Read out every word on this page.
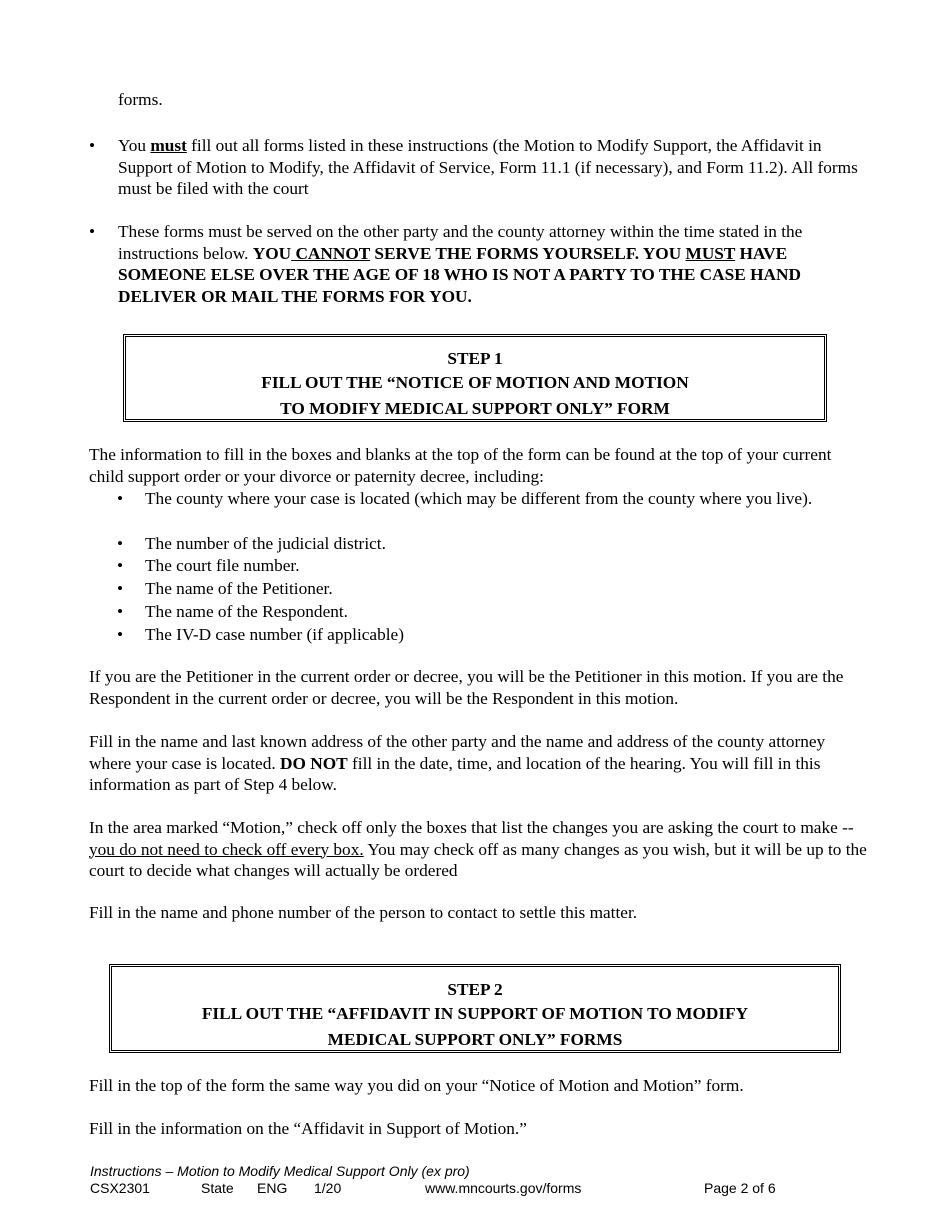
forms.

•	You must fill out all forms listed in these instructions (the Motion to Modify Support, the Affidavit in Support of Motion to Modify, the Affidavit of Service, Form 11.1 (if necessary), and Form 11.2). All forms must be filed with the court

•	These forms must be served on the other party and the county attorney within the time stated in the instructions below. YOU CANNOT SERVE THE FORMS YOURSELF. YOU MUST HAVE SOMEONE ELSE OVER THE AGE OF 18 WHO IS NOT A PARTY TO THE CASE HAND DELIVER OR MAIL THE FORMS FOR YOU.

STEP 1
FILL OUT THE “NOTICE OF MOTION AND MOTION
TO MODIFY MEDICAL SUPPORT ONLY” FORM

The information to fill in the boxes and blanks at the top of the form can be found at the top of your current child support order or your divorce or paternity decree, including:

• The county where your case is located (which may be different from the county where you live).

• The number of the judicial district.

• The court file number.

• The name of the Petitioner.

• The name of the Respondent.

• The IV-D case number (if applicable)

If you are the Petitioner in the current order or decree, you will be the Petitioner in this motion. If you are the Respondent in the current order or decree, you will be the Respondent in this motion.

Fill in the name and last known address of the other party and the name and address of the county attorney where your case is located. DO NOT fill in the date, time, and location of the hearing. You will fill in this information as part of Step 4 below.

In the area marked “Motion,” check off only the boxes that list the changes you are asking the court to make -- you do not need to check off every box. You may check off as many changes as you wish, but it will be up to the court to decide what changes will actually be ordered

Fill in the name and phone number of the person to contact to settle this matter.

STEP 2
FILL OUT THE “AFFIDAVIT IN SUPPORT OF MOTION TO MODIFY
MEDICAL SUPPORT ONLY” FORMS

Fill in the top of the form the same way you did on your “Notice of Motion and Motion” form.

Fill in the information on the “Affidavit in Support of Motion.”

Instructions – Motion to Modify Medical Support Only (ex pro)
CSX2301	State ENG 1/20	www.mncourts.gov/forms	Page 2 of 6
